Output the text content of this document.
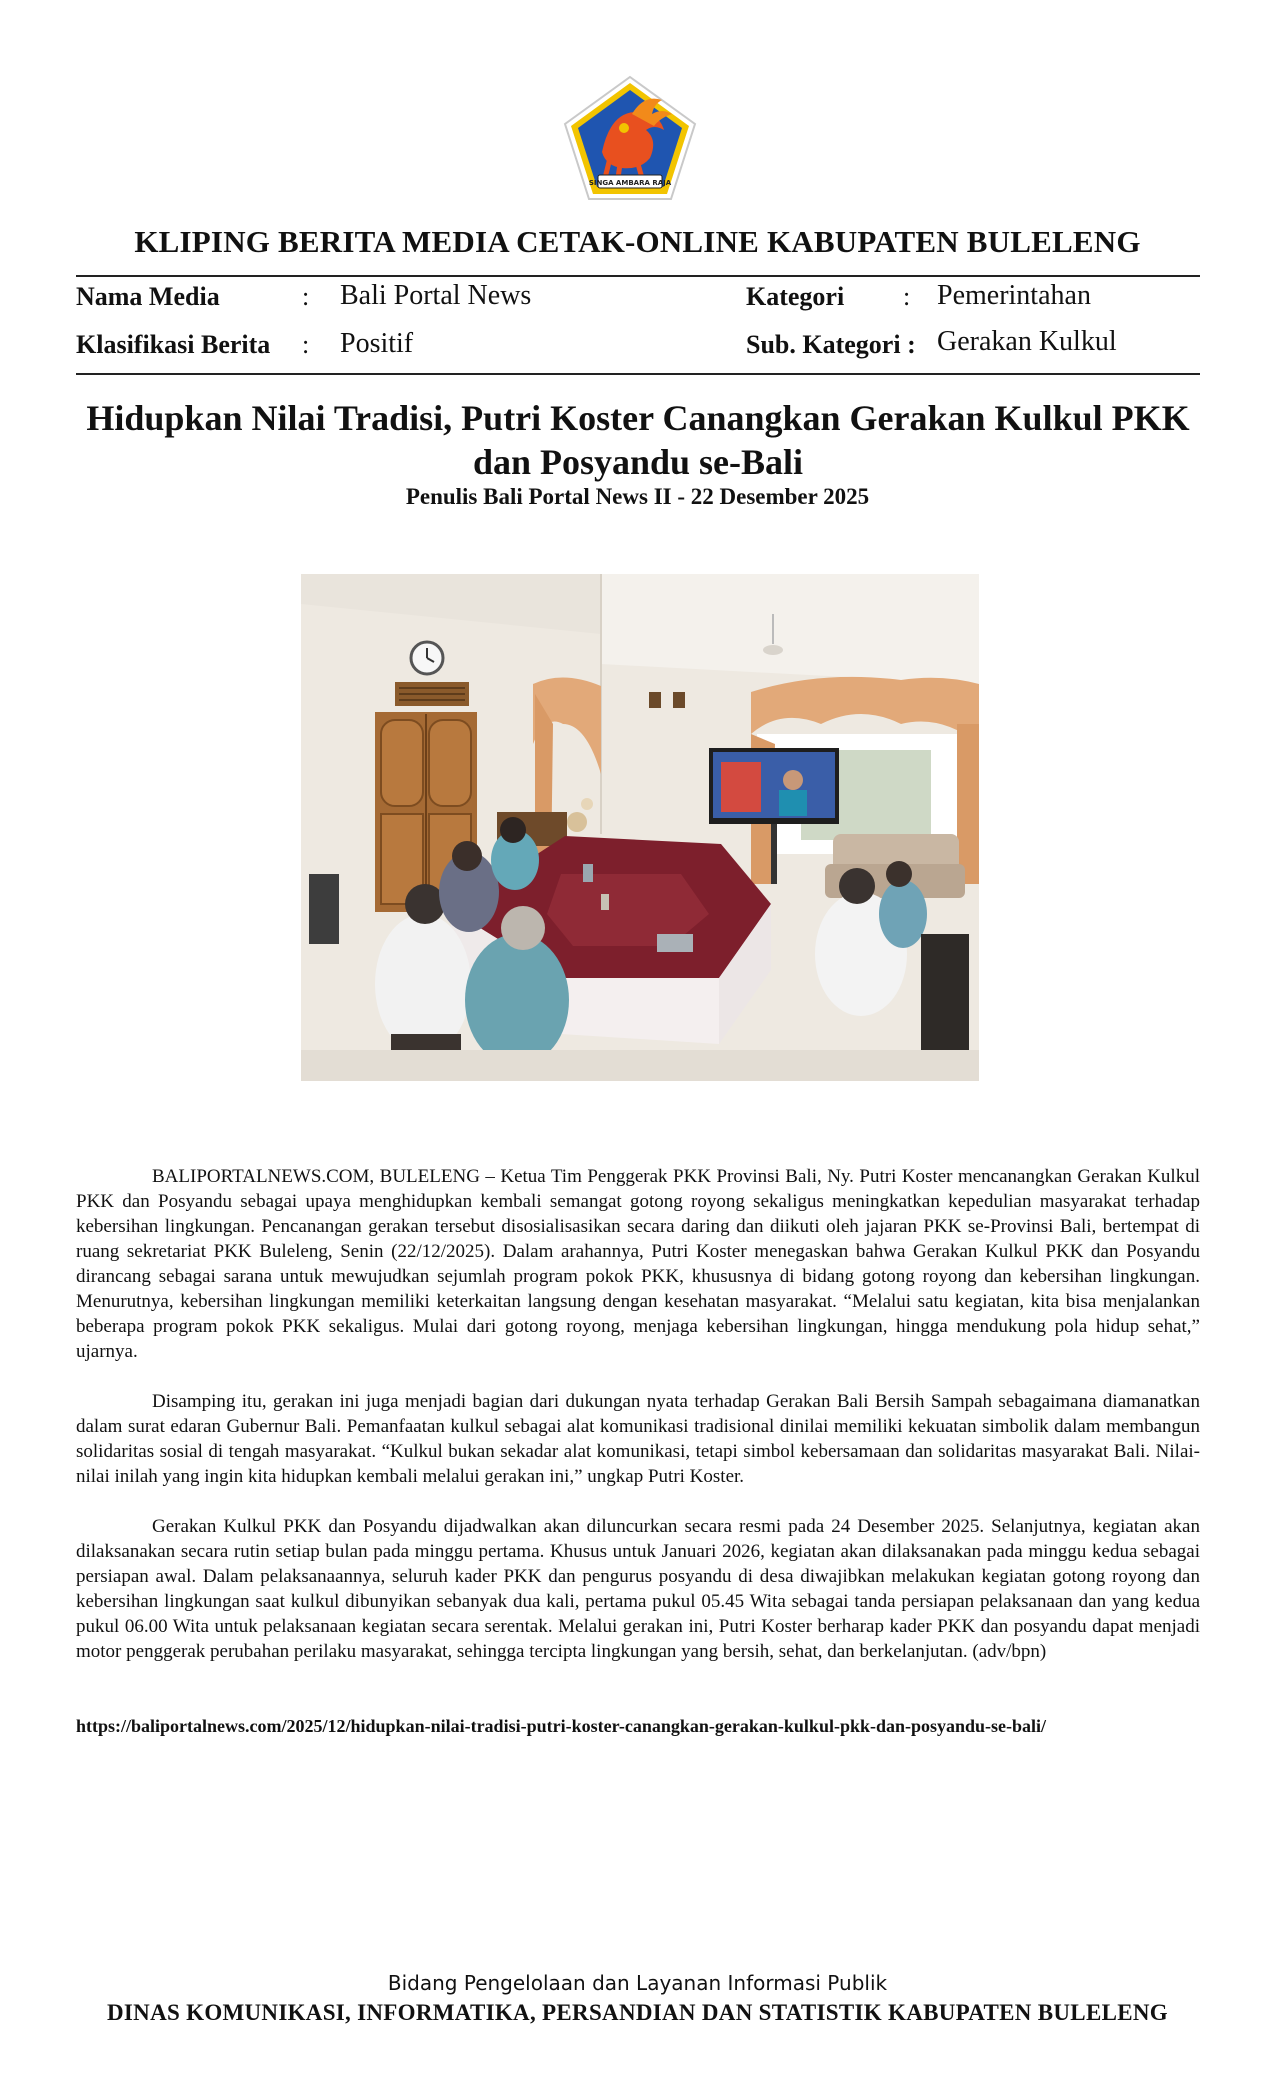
SINGA AMBARA RAJA
KLIPING BERITA MEDIA CETAK-ONLINE KABUPATEN BULELENG
Nama Media	: Bali Portal News	Kategori : Pemerintahan
Klasifikasi Berita : Positif	Sub. Kategori : Gerakan Kulkul
Hidupkan Nilai Tradisi, Putri Koster Canangkan Gerakan Kulkul PKK
dan Posyandu se-Bali
Penulis Bali Portal News II - 22 Desember 2025

BALIPORTALNEWS.COM, BULELENG – Ketua Tim Penggerak PKK Provinsi Bali, Ny. Putri Koster mencanangkan Gerakan Kulkul PKK dan Posyandu sebagai upaya menghidupkan kembali semangat gotong royong sekaligus meningkatkan kepedulian masyarakat terhadap kebersihan lingkungan. Pencanangan gerakan tersebut disosialisasikan secara daring dan diikuti oleh jajaran PKK se-Provinsi Bali, bertempat di ruang sekretariat PKK Buleleng, Senin (22/12/2025). Dalam arahannya, Putri Koster menegaskan bahwa Gerakan Kulkul PKK dan Posyandu dirancang sebagai sarana untuk mewujudkan sejumlah program pokok PKK, khususnya di bidang gotong royong dan kebersihan lingkungan. Menurutnya, kebersihan lingkungan memiliki keterkaitan langsung dengan kesehatan masyarakat. “Melalui satu kegiatan, kita bisa menjalankan beberapa program pokok PKK sekaligus. Mulai dari gotong royong, menjaga kebersihan lingkungan, hingga mendukung pola hidup sehat,” ujarnya.

Disamping itu, gerakan ini juga menjadi bagian dari dukungan nyata terhadap Gerakan Bali Bersih Sampah sebagaimana diamanatkan dalam surat edaran Gubernur Bali. Pemanfaatan kulkul sebagai alat komunikasi tradisional dinilai memiliki kekuatan simbolik dalam membangun solidaritas sosial di tengah masyarakat. “Kulkul bukan sekadar alat komunikasi, tetapi simbol kebersamaan dan solidaritas masyarakat Bali. Nilai-nilai inilah yang ingin kita hidupkan kembali melalui gerakan ini,” ungkap Putri Koster.

Gerakan Kulkul PKK dan Posyandu dijadwalkan akan diluncurkan secara resmi pada 24 Desember 2025. Selanjutnya, kegiatan akan dilaksanakan secara rutin setiap bulan pada minggu pertama. Khusus untuk Januari 2026, kegiatan akan dilaksanakan pada minggu kedua sebagai persiapan awal. Dalam pelaksanaannya, seluruh kader PKK dan pengurus posyandu di desa diwajibkan melakukan kegiatan gotong royong dan kebersihan lingkungan saat kulkul dibunyikan sebanyak dua kali, pertama pukul 05.45 Wita sebagai tanda persiapan pelaksanaan dan yang kedua pukul 06.00 Wita untuk pelaksanaan kegiatan secara serentak. Melalui gerakan ini, Putri Koster berharap kader PKK dan posyandu dapat menjadi motor penggerak perubahan perilaku masyarakat, sehingga tercipta lingkungan yang bersih, sehat, dan berkelanjutan. (adv/bpn)

https://baliportalnews.com/2025/12/hidupkan-nilai-tradisi-putri-koster-canangkan-gerakan-kulkul-pkk-dan-posyandu-se-bali/
Bidang Pengelolaan dan Layanan Informasi Publik
DINAS KOMUNIKASI, INFORMATIKA, PERSANDIAN DAN STATISTIK KABUPATEN BULELENG
